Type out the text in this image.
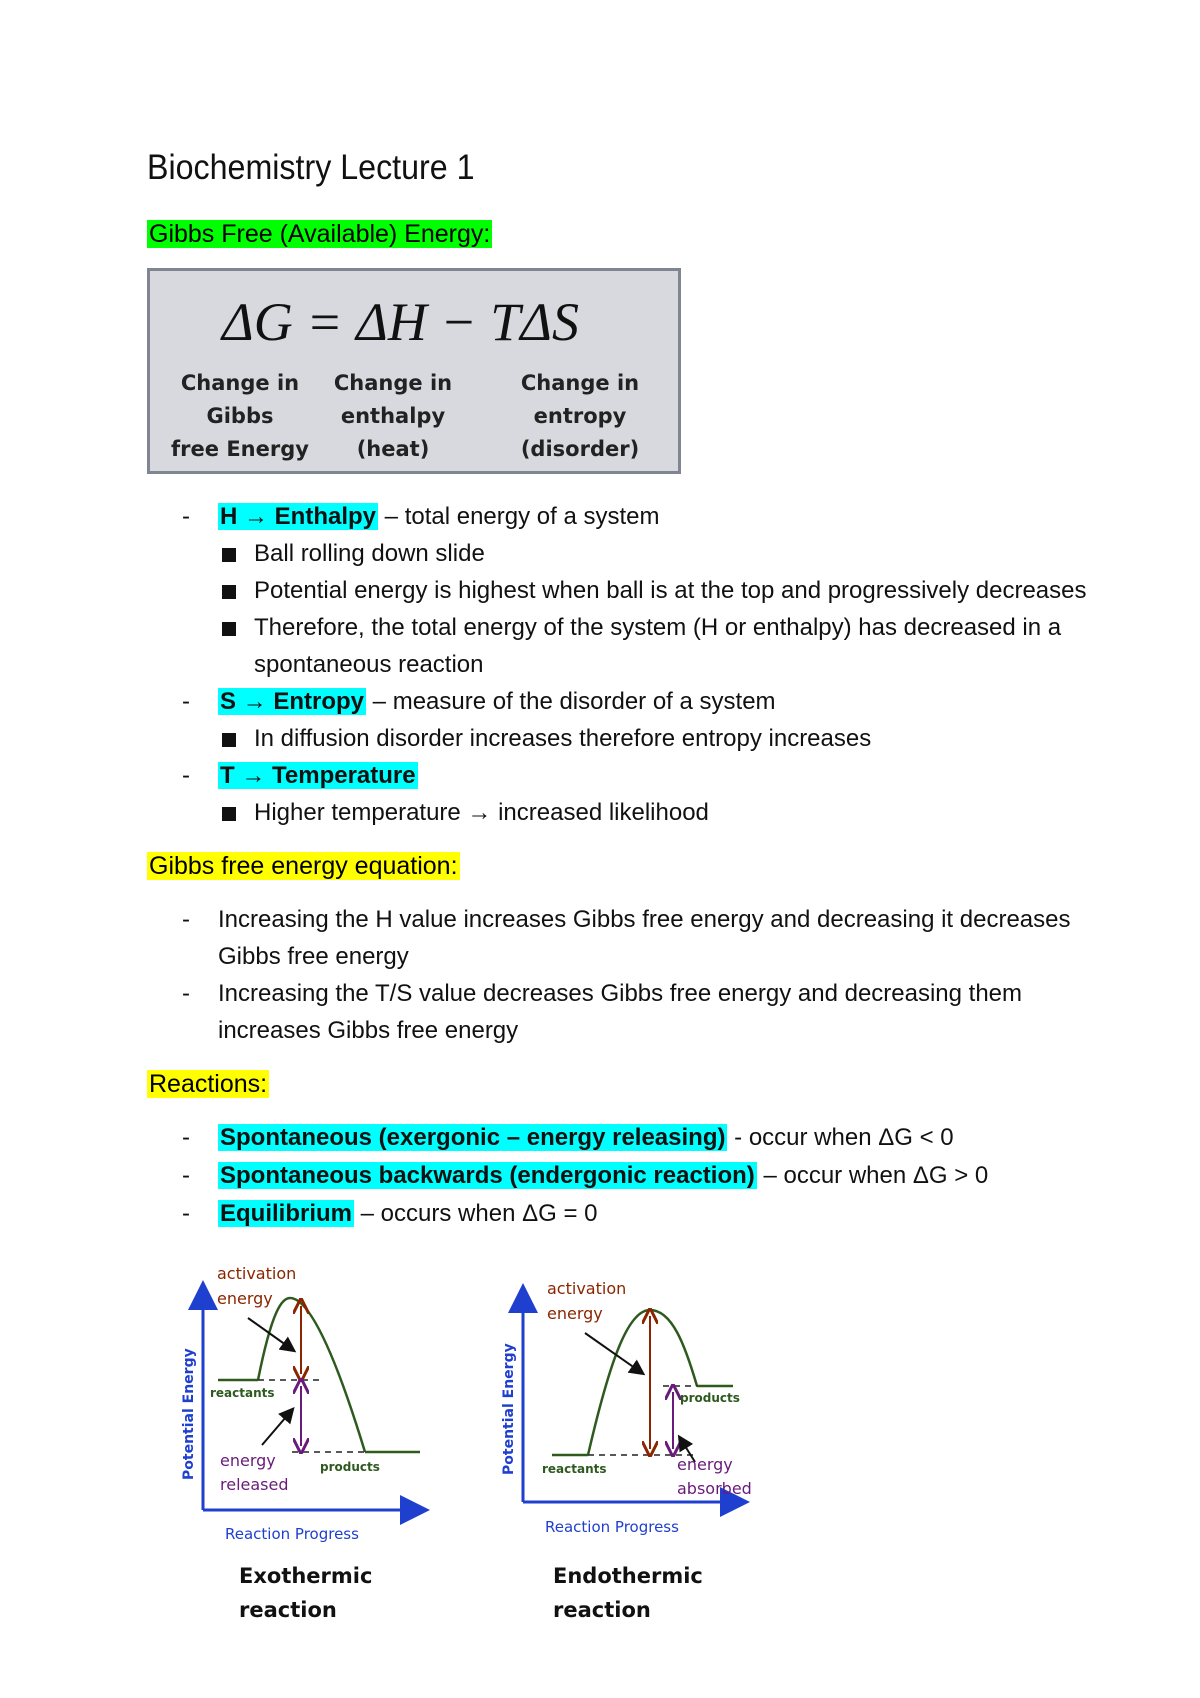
Biochemistry Lecture 1
Gibbs Free (Available) Energy:
ΔG = ΔH − TΔS
Change in
Gibbs
free Energy
Change in
enthalpy
(heat)
Change in
entropy
(disorder)
- H → Enthalpy – total energy of a system
Ball rolling down slide
Potential energy is highest when ball is at the top and progressively decreases
Therefore, the total energy of the system (H or enthalpy) has decreased in a
spontaneous reaction
- S → Entropy – measure of the disorder of a system
In diffusion disorder increases therefore entropy increases
- T → Temperature
Higher temperature → increased likelihood
Gibbs free energy equation:
- Increasing the H value increases Gibbs free energy and decreasing it decreases
Gibbs free energy
- Increasing the T/S value decreases Gibbs free energy and decreasing them
increases Gibbs free energy
Reactions:
- Spontaneous (exergonic – energy releasing) - occur when ΔG < 0
- Spontaneous backwards (endergonic reaction) – occur when ΔG > 0
- Equilibrium – occurs when ΔG = 0
activation
energy
reactants
products
energy
released
Potential Energy
Reaction Progress
Exothermic
reaction
activation
energy
reactants
products
energy
absorbed
Potential Energy
Reaction Progress
Endothermic
reaction
